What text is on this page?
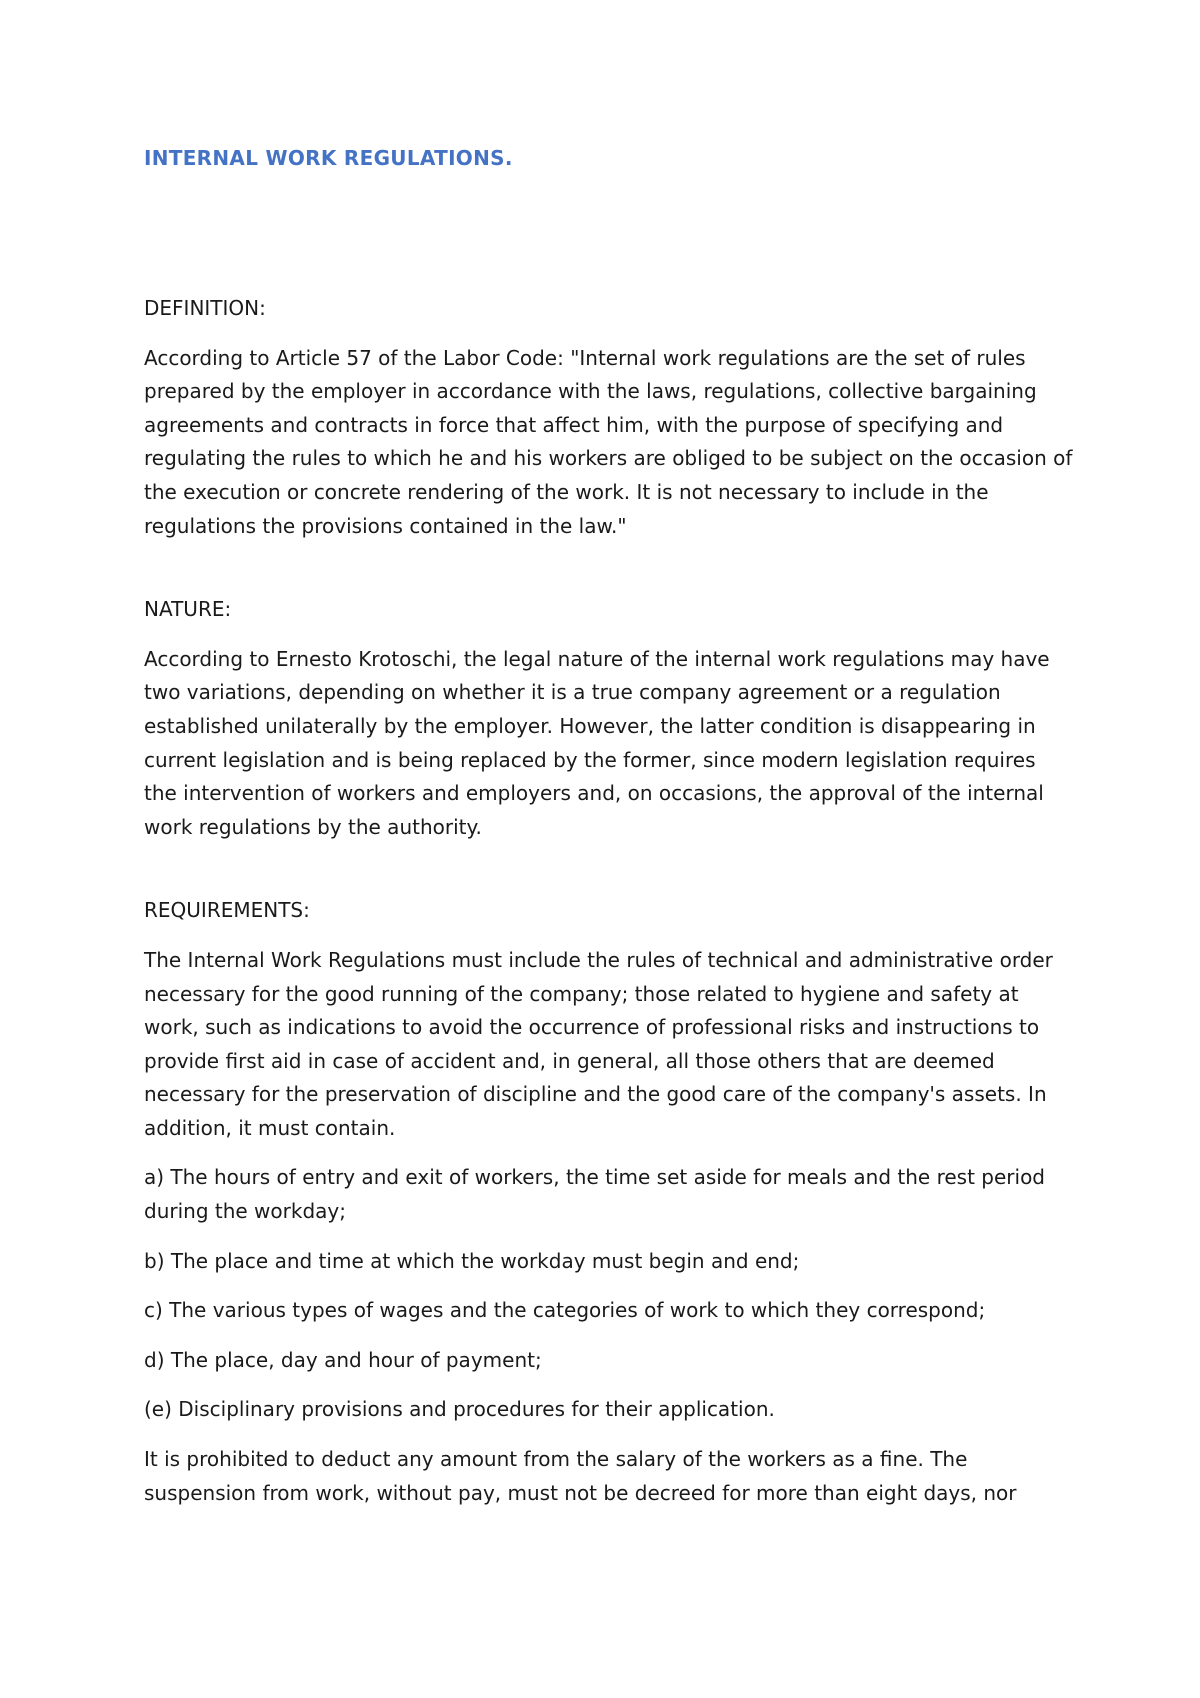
INTERNAL WORK REGULATIONS.

DEFINITION:

According to Article 57 of the Labor Code: "Internal work regulations are the set of rules prepared by the employer in accordance with the laws, regulations, collective bargaining agreements and contracts in force that affect him, with the purpose of specifying and regulating the rules to which he and his workers are obliged to be subject on the occasion of the execution or concrete rendering of the work. It is not necessary to include in the regulations the provisions contained in the law."

NATURE:

According to Ernesto Krotoschi, the legal nature of the internal work regulations may have two variations, depending on whether it is a true company agreement or a regulation established unilaterally by the employer. However, the latter condition is disappearing in current legislation and is being replaced by the former, since modern legislation requires the intervention of workers and employers and, on occasions, the approval of the internal work regulations by the authority.

REQUIREMENTS:

The Internal Work Regulations must include the rules of technical and administrative order necessary for the good running of the company; those related to hygiene and safety at work, such as indications to avoid the occurrence of professional risks and instructions to provide first aid in case of accident and, in general, all those others that are deemed necessary for the preservation of discipline and the good care of the company's assets. In addition, it must contain.

a) The hours of entry and exit of workers, the time set aside for meals and the rest period during the workday;

b) The place and time at which the workday must begin and end;

c) The various types of wages and the categories of work to which they correspond;

d) The place, day and hour of payment;

(e) Disciplinary provisions and procedures for their application.

It is prohibited to deduct any amount from the salary of the workers as a fine. The suspension from work, without pay, must not be decreed for more than eight days, nor
